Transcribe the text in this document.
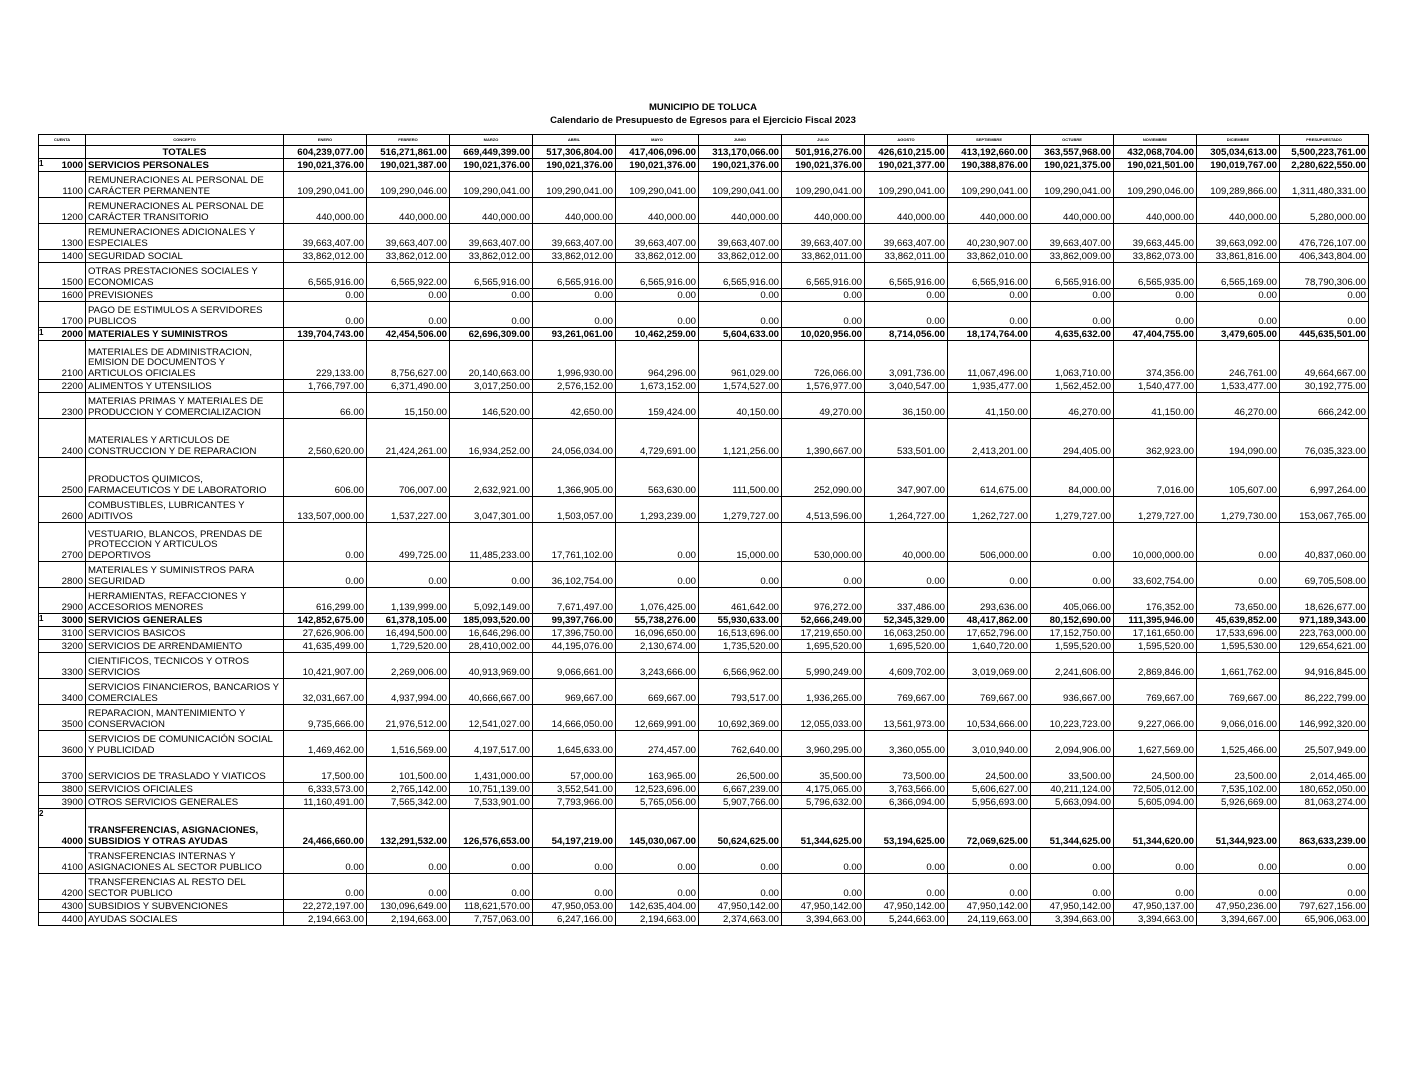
MUNICIPIO DE TOLUCA
Calendario de Presupuesto de Egresos para el Ejercicio Fiscal 2023
CUENTA	CONCEPTO	ENERO	FEBRERO	MARZO	ABRIL	MAYO	JUNIO	JULIO	AGOSTO	SEPTIEMBRE	OCTUBRE	NOVIEMBRE	DICIEMBRE	PRESUPUESTADO

	TOTALES	604,239,077.00	516,271,861.00	669,449,399.00	517,306,804.00	417,406,096.00	313,170,066.00	501,916,276.00	426,610,215.00	413,192,660.00	363,557,968.00	432,068,704.00	305,034,613.00	5,500,223,761.00

1 1000	SERVICIOS PERSONALES	190,021,376.00	190,021,387.00	190,021,376.00	190,021,376.00	190,021,376.00	190,021,376.00	190,021,376.00	190,021,377.00	190,388,876.00	190,021,375.00	190,021,501.00	190,019,767.00	2,280,622,550.00

1100	REMUNERACIONES AL PERSONAL DE CARÁCTER PERMANENTE	109,290,041.00	109,290,046.00	109,290,041.00	109,290,041.00	109,290,041.00	109,290,041.00	109,290,041.00	109,290,041.00	109,290,041.00	109,290,041.00	109,290,046.00	109,289,866.00	1,311,480,331.00

1200	REMUNERACIONES AL PERSONAL DE CARÁCTER TRANSITORIO	440,000.00	440,000.00	440,000.00	440,000.00	440,000.00	440,000.00	440,000.00	440,000.00	440,000.00	440,000.00	440,000.00	440,000.00	5,280,000.00

1300	REMUNERACIONES ADICIONALES Y ESPECIALES	39,663,407.00	39,663,407.00	39,663,407.00	39,663,407.00	39,663,407.00	39,663,407.00	39,663,407.00	39,663,407.00	40,230,907.00	39,663,407.00	39,663,445.00	39,663,092.00	476,726,107.00

1400	SEGURIDAD SOCIAL	33,862,012.00	33,862,012.00	33,862,012.00	33,862,012.00	33,862,012.00	33,862,012.00	33,862,011.00	33,862,011.00	33,862,010.00	33,862,009.00	33,862,073.00	33,861,816.00	406,343,804.00

1500	OTRAS PRESTACIONES SOCIALES Y ECONOMICAS	6,565,916.00	6,565,922.00	6,565,916.00	6,565,916.00	6,565,916.00	6,565,916.00	6,565,916.00	6,565,916.00	6,565,916.00	6,565,916.00	6,565,935.00	6,565,169.00	78,790,306.00

1600	PREVISIONES	0.00	0.00	0.00	0.00	0.00	0.00	0.00	0.00	0.00	0.00	0.00	0.00	0.00

1700	PAGO DE ESTIMULOS A SERVIDORES PUBLICOS	0.00	0.00	0.00	0.00	0.00	0.00	0.00	0.00	0.00	0.00	0.00	0.00	0.00

1 2000	MATERIALES Y SUMINISTROS	139,704,743.00	42,454,506.00	62,696,309.00	93,261,061.00	10,462,259.00	5,604,633.00	10,020,956.00	8,714,056.00	18,174,764.00	4,635,632.00	47,404,755.00	3,479,605.00	445,635,501.00

2100	MATERIALES DE ADMINISTRACION, EMISION DE DOCUMENTOS Y ARTICULOS OFICIALES	229,133.00	8,756,627.00	20,140,663.00	1,996,930.00	964,296.00	961,029.00	726,066.00	3,091,736.00	11,067,496.00	1,063,710.00	374,356.00	246,761.00	49,664,667.00

2200	ALIMENTOS Y UTENSILIOS	1,766,797.00	6,371,490.00	3,017,250.00	2,576,152.00	1,673,152.00	1,574,527.00	1,576,977.00	3,040,547.00	1,935,477.00	1,562,452.00	1,540,477.00	1,533,477.00	30,192,775.00

2300	MATERIAS PRIMAS Y MATERIALES DE PRODUCCION Y COMERCIALIZACION	66.00	15,150.00	146,520.00	42,650.00	159,424.00	40,150.00	49,270.00	36,150.00	41,150.00	46,270.00	41,150.00	46,270.00	666,242.00

2400	MATERIALES Y ARTICULOS DE CONSTRUCCION Y DE REPARACION	2,560,620.00	21,424,261.00	16,934,252.00	24,056,034.00	4,729,691.00	1,121,256.00	1,390,667.00	533,501.00	2,413,201.00	294,405.00	362,923.00	194,090.00	76,035,323.00

2500	PRODUCTOS QUIMICOS, FARMACEUTICOS Y DE LABORATORIO	606.00	706,007.00	2,632,921.00	1,366,905.00	563,630.00	111,500.00	252,090.00	347,907.00	614,675.00	84,000.00	7,016.00	105,607.00	6,997,264.00

2600	COMBUSTIBLES, LUBRICANTES Y ADITIVOS	133,507,000.00	1,537,227.00	3,047,301.00	1,503,057.00	1,293,239.00	1,279,727.00	4,513,596.00	1,264,727.00	1,262,727.00	1,279,727.00	1,279,727.00	1,279,730.00	153,067,765.00

2700	VESTUARIO, BLANCOS, PRENDAS DE PROTECCION Y ARTICULOS DEPORTIVOS	0.00	499,725.00	11,485,233.00	17,761,102.00	0.00	15,000.00	530,000.00	40,000.00	506,000.00	0.00	10,000,000.00	0.00	40,837,060.00

2800	MATERIALES Y SUMINISTROS PARA SEGURIDAD	0.00	0.00	0.00	36,102,754.00	0.00	0.00	0.00	0.00	0.00	0.00	33,602,754.00	0.00	69,705,508.00

2900	HERRAMIENTAS, REFACCIONES Y ACCESORIOS MENORES	616,299.00	1,139,999.00	5,092,149.00	7,671,497.00	1,076,425.00	461,642.00	976,272.00	337,486.00	293,636.00	405,066.00	176,352.00	73,650.00	18,626,677.00

1 3000	SERVICIOS GENERALES	142,852,675.00	61,378,105.00	185,093,520.00	99,397,766.00	55,738,276.00	55,930,633.00	52,666,249.00	52,345,329.00	48,417,862.00	80,152,690.00	111,395,946.00	45,639,852.00	971,189,343.00

3100	SERVICIOS BASICOS	27,626,906.00	16,494,500.00	16,646,296.00	17,396,750.00	16,096,650.00	16,513,696.00	17,219,650.00	16,063,250.00	17,652,796.00	17,152,750.00	17,161,650.00	17,533,696.00	223,763,000.00

3200	SERVICIOS DE ARRENDAMIENTO	41,635,499.00	1,729,520.00	28,410,002.00	44,195,076.00	2,130,674.00	1,735,520.00	1,695,520.00	1,695,520.00	1,640,720.00	1,595,520.00	1,595,520.00	1,595,530.00	129,654,621.00

3300	CIENTIFICOS, TECNICOS Y OTROS SERVICIOS	10,421,907.00	2,269,006.00	40,913,969.00	9,066,661.00	3,243,666.00	6,566,962.00	5,990,249.00	4,609,702.00	3,019,069.00	2,241,606.00	2,869,846.00	1,661,762.00	94,916,845.00

3400	SERVICIOS FINANCIEROS, BANCARIOS Y COMERCIALES	32,031,667.00	4,937,994.00	40,666,667.00	969,667.00	669,667.00	793,517.00	1,936,265.00	769,667.00	769,667.00	936,667.00	769,667.00	769,667.00	86,222,799.00

3500	REPARACION, MANTENIMIENTO Y CONSERVACION	9,735,666.00	21,976,512.00	12,541,027.00	14,666,050.00	12,669,991.00	10,692,369.00	12,055,033.00	13,561,973.00	10,534,666.00	10,223,723.00	9,227,066.00	9,066,016.00	146,992,320.00

3600	SERVICIOS DE COMUNICACIÓN SOCIAL Y PUBLICIDAD	1,469,462.00	1,516,569.00	4,197,517.00	1,645,633.00	274,457.00	762,640.00	3,960,295.00	3,360,055.00	3,010,940.00	2,094,906.00	1,627,569.00	1,525,466.00	25,507,949.00

3700	SERVICIOS DE TRASLADO Y VIATICOS	17,500.00	101,500.00	1,431,000.00	57,000.00	163,965.00	26,500.00	35,500.00	73,500.00	24,500.00	33,500.00	24,500.00	23,500.00	2,014,465.00

3800	SERVICIOS OFICIALES	6,333,573.00	2,765,142.00	10,751,139.00	3,552,541.00	12,523,696.00	6,667,239.00	4,175,065.00	3,763,566.00	5,606,627.00	40,211,124.00	72,505,012.00	7,535,102.00	180,652,050.00

3900	OTROS SERVICIOS GENERALES	11,160,491.00	7,565,342.00	7,533,901.00	7,793,966.00	5,765,056.00	5,907,766.00	5,796,632.00	6,366,094.00	5,956,693.00	5,663,094.00	5,605,094.00	5,926,669.00	81,063,274.00

2
4000	TRANSFERENCIAS, ASIGNACIONES, SUBSIDIOS Y OTRAS AYUDAS	24,466,660.00	132,291,532.00	126,576,653.00	54,197,219.00	145,030,067.00	50,624,625.00	51,344,625.00	53,194,625.00	72,069,625.00	51,344,625.00	51,344,620.00	51,344,923.00	863,633,239.00

4100	TRANSFERENCIAS INTERNAS Y ASIGNACIONES AL SECTOR PUBLICO	0.00	0.00	0.00	0.00	0.00	0.00	0.00	0.00	0.00	0.00	0.00	0.00	0.00

4200	TRANSFERENCIAS AL RESTO DEL SECTOR PUBLICO	0.00	0.00	0.00	0.00	0.00	0.00	0.00	0.00	0.00	0.00	0.00	0.00	0.00

4300	SUBSIDIOS Y SUBVENCIONES	22,272,197.00	130,096,649.00	118,621,570.00	47,950,053.00	142,635,404.00	47,950,142.00	47,950,142.00	47,950,142.00	47,950,142.00	47,950,142.00	47,950,137.00	47,950,236.00	797,627,156.00

4400	AYUDAS SOCIALES	2,194,663.00	2,194,663.00	7,757,063.00	6,247,166.00	2,194,663.00	2,374,663.00	3,394,663.00	5,244,663.00	24,119,663.00	3,394,663.00	3,394,663.00	3,394,667.00	65,906,063.00
